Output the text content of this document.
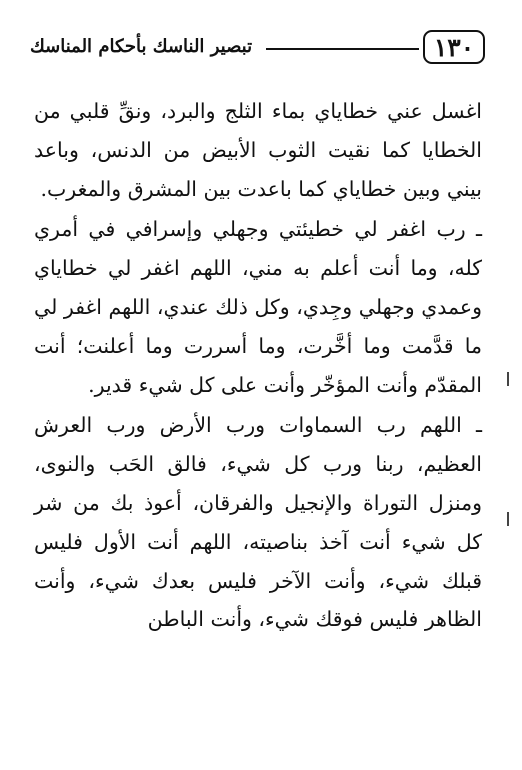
١٣٠
تبصير الناسك بأحكام المناسك

اغسل عني خطاياي بماء الثلج والبرد، ونقِّ قلبي من الخطايا كما نقيت الثوب الأبيض من الدنس، وباعد بيني وبين خطاياي كما باعدت بين المشرق والمغرب.

ـ رب اغفر لي خطيئتي وجهلي وإسرافي في أمري كله، وما أنت أعلم به مني، اللهم اغفر لي خطاياي وعمدي وجهلي وجِدي، وكل ذلك عندي، اللهم اغفر لي ما قدَّمت وما أخَّرت، وما أسررت وما أعلنت؛ أنت المقدّم وأنت المؤخّر وأنت على كل شيء قدير.

ـ اللهم رب السماوات ورب الأرض ورب العرش العظيم، ربنا ورب كل شيء، فالق الحَب والنوى، ومنزل التوراة والإنجيل والفرقان، أعوذ بك من شر كل شيء أنت آخذ بناصيته، اللهم أنت الأول فليس قبلك شيء، وأنت الآخر فليس بعدك شيء، وأنت الظاهر فليس فوقك شيء، وأنت الباطن
